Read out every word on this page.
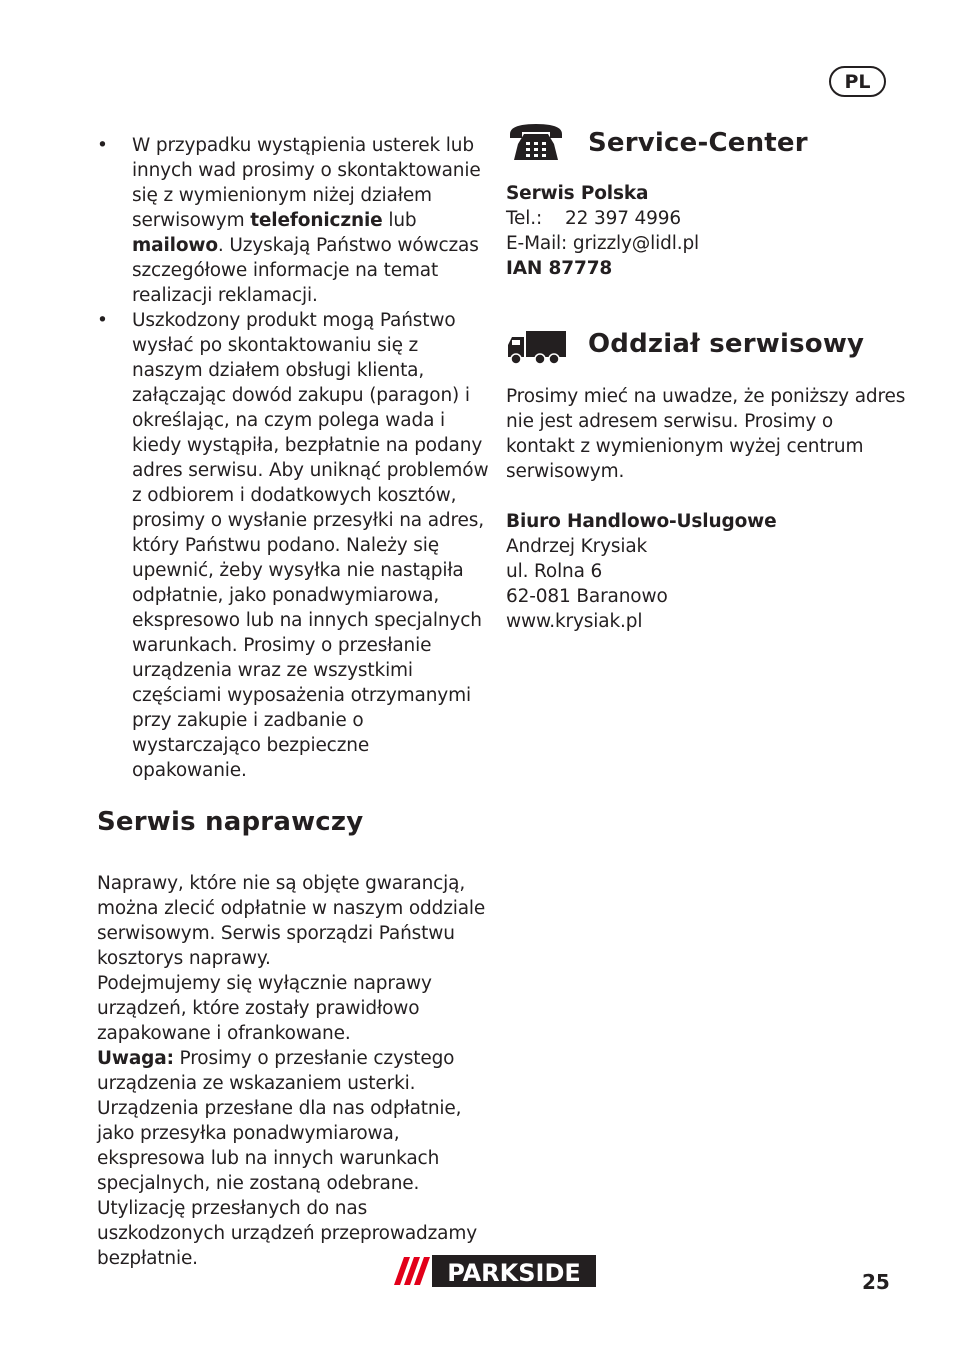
PL
• W przypadku wystąpienia usterek lub innych wad prosimy o skontaktowanie się z wymienionym niżej działem serwisowym telefonicznie lub mailowo. Uzyskają Państwo wówczas szczegółowe informacje na temat realizacji reklamacji.
• Uszkodzony produkt mogą Państwo wysłać po skontaktowaniu się z naszym działem obsługi klienta, załączając dowód zakupu (paragon) i określając, na czym polega wada i kiedy wystąpiła, bezpłatnie na podany adres serwisu. Aby uniknąć problemów z odbiorem i dodatkowych kosztów, prosimy o wysłanie przesyłki na adres, który Państwu podano. Należy się upewnić, żeby wysyłka nie nastąpiła odpłatnie, jako ponadwymiarowa, ekspresowo lub na innych specjalnych warunkach. Prosimy o przesłanie urządzenia wraz ze wszystkimi częściami wyposażenia otrzymanymi przy zakupie i zadbanie o wystarczająco bezpieczne opakowanie.
Serwis naprawczy
Naprawy, które nie są objęte gwarancją, można zlecić odpłatnie w naszym oddziale serwisowym. Serwis sporządzi Państwu kosztorys naprawy.
Podejmujemy się wyłącznie naprawy urządzeń, które zostały prawidłowo zapakowane i ofrankowane.
Uwaga: Prosimy o przesłanie czystego urządzenia ze wskazaniem usterki. Urządzenia przesłane dla nas odpłatnie, jako przesyłka ponadwymiarowa, ekspresowa lub na innych warunkach specjalnych, nie zostaną odebrane.
Utylizację przesłanych do nas uszkodzonych urządzeń przeprowadzamy bezpłatnie.
Service-Center
Serwis Polska
Tel.: 22 397 4996
E-Mail: grizzly@lidl.pl
IAN 87778
Oddział serwisowy
Prosimy mieć na uwadze, że poniższy adres nie jest adresem serwisu. Prosimy o kontakt z wymienionym wyżej centrum serwisowym.
Biuro Handlowo-Uslugowe
Andrzej Krysiak
ul. Rolna 6
62-081 Baranowo
www.krysiak.pl
PARKSIDE	25
